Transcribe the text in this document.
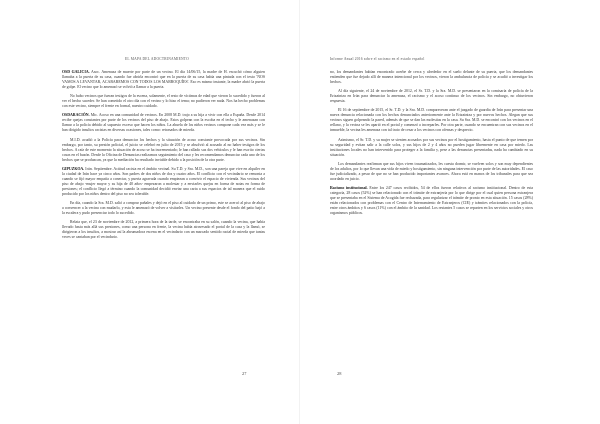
EL MAPA DEL ADOCTRINAMIENTO

OSD GALICIA. Asoc. Amenaza de muerte por parte de un vecino. El día 14/06/15, la madre de H. escuchó cómo alguien llamaba a la puerta de su casa, cuando fue abrirla encontró que en la puerta de su casa había una pintada con el texto 'NOS VAMOS A LEVANTAR, ACABAREMOS CON TODOS LOS MARROQUÍES'. Eso es mismo instante, la madre abrió la puerta de golpe. El vecino que lo amenazó se volvió a llamar a la puerta.

No hubo vecinos que fueran testigos de la escena, solamente, el resto de víctimas de edad que vieron lo sucedido y fueron al ver el hecho suceder. Se han cometido el otro día con el vecino y lo hizo el tema; no pudieron ver nada. Nos ha hecho problemas con este vecino, siempre el frente en formal, nuestro cuidado.

OSDARACIÓN. Mtc. Acoso en una comunidad de vecinos. En 2008 M.D. trajo a su hija a vivir con ella a España. Desde 2014 recibe quejas constantes por parte de los vecinos del piso de abajo. Estos golpean con la escoba en el techo y le amenazan con llamar a la policía debido al supuesto exceso que hacen los niños. La abuela de los niños vecinos compone cada vez más y se le han dirigido insultos racistas en diversas ocasiones, tales como: retrasados de mierda.

M.I.D. acudió a la Policía para denunciar los hechos y la situación de acoso constante provocada por sus vecinos. Sin embargo, por tanto, su presión policial, el juicio se celebró en julio de 2015 y se absolvió al acusado al no haber testigos de los hechos. A raíz de este momento la situación de acoso se ha incrementado; le han rallado sus dos vehículos y le han escrito ciertas cosas en el buzón. Desde la Oficina de Denuncias realizamos seguimiento del caso y les recomendamos denunciar cada uno de los hechos que se produzcan, ya que la mediación ha resultado inviable debido a la posición de la otra parte.

GIPUZKOA. Irún. Septiembre. Actitud racista en el ámbito vecinal. Su T.D. y Sra. M.D., son una pareja que vive en alquiler en la ciudad de Irún hace ya cinco años. Son padres de dos niños de dos y cuatro años. El conflicto con el vecindario se remonta a cuando se fijó mayor empatía a conectar, y puerta agravada cuando empiezan a convivir el espacio de vivienda. Sus vecinos del piso de abajo -mujer mayor y su hija de 40 años- empezaron a molestar y a enviarles quejas en forma de notas en forma de presiones; el conflicto llegó a término cuando la comunidad decidió enviar una carta a sus espacios de tal manera que el ruido producido por los niños dentro del piso no sea tolerable.

En día, cuando la Sra. M.D. salió a comprar pañales y dejó en el piso al cuidado de un primo, este se acercó al piso de abajo a convencer a la vecina con mudarlo, y esta le amenazó de volver a visitarles. Un vecino presente desde el fondo del patio bajó a la escalera y pudo presenciar todo lo sucedido.

Relata que, el 23 de noviembre de 2012, a primera hora de la tarde, se encontraba en su salón, cuando la vecina, que había llevado hasta más allá sus presiones, como una persona en frente, la vecina había atravesado el portal de la casa y la llamó, se dirigieron a los insultos, a mostrar así la abrumadora escena en el vecindario con un marcado sentido racial de mierda que tantas veces se cantaban por el vecindario.

27
Informe Anual 2016 sobre el racismo en el estado español

no, los demandantes habían encontrado acerbe de cerca y alrededor en el suelo delante de su puerta, que los demandantes entienden que fue dejado allí de manera intencional por los vecinos, vieron la ambulancia de policía y se acudió a investigar los hechos.

Al día siguiente, el 24 de noviembre de 2012, el Sr. T.D. y la Sra. M.D. se presentaron en la comisaría de policía de la Ertzaintza en Irún para denunciar la amenaza, el racismo y el acoso continuo de los vecinos. Sin embargo, no obtuvieron respuesta.

El 16 de septiembre de 2015, el Sr. T.D. y la Sra. M.D. compareceran ante el juzgado de guardia de Irún para presentar una nueva denuncia relacionada con los hechos denunciados anteriormente ante la Ertzaintza y por nuevos hechos. Alegan que sus vecinos siguen golpeando la pared, además de que se dan las molestias en la casa. Su Sra. M.D. se encontró con los vecinos en el rellano, y la vecina se les apartó en el portal y comenzó a increparles. Por otra parte, cuando se encuentran con sus vecinos en el inmueble, la vecina les amenaza con tal trato de cesar a los vecinos con ofensas y desprecio.

Asimismo, el Sr. T.D. y su mujer se sienten acosados por sus vecinos por el hostigamiento, hasta el punto de que temen por su seguridad y evitan salir a la calle solos, y sus hijos de 2 y 4 años no pueden jugar libremente en casa por miedo. Las instituciones locales no han intervenido para proteger a la familia y, pese a las denuncias presentadas, nada ha cambiado en su situación.

Los demandantes reafirman que sus hijos viven traumatizados, les cuesta dormir, se vuelven solos y son muy dependientes de los adultos, por lo que llevan una vida de miedo y hostigamiento, sin ninguna intervención por parte de las autoridades. El caso fue judicializado, a pesar de que no se han producido importantes avances. Ahora está en manos de los tribunales para que sea acordado en juicio.

Racismo institucional. Entre los 247 casos recibidos, 54 de ellos fueron relativos al racismo institucional. Dentro de esta categoría, 28 casos (52%) se han relacionado con el trámite de extranjería por lo que dirige por el cual quien persona extranjera que se presentaba en el Sistema de Acogida fue rechazada, para regularizar el trámite de pronto en esta situación. 15 casos (28%) están relacionados con problemas con el Centro de Internamiento de Extranjeros (CIE) y trámites relacionados con la policía, entre otros ámbitos y 6 casos (11%) con el ámbito de la sanidad. Los restantes 5 casos se reparten en los servicios sociales y otros organismos públicos.

28
